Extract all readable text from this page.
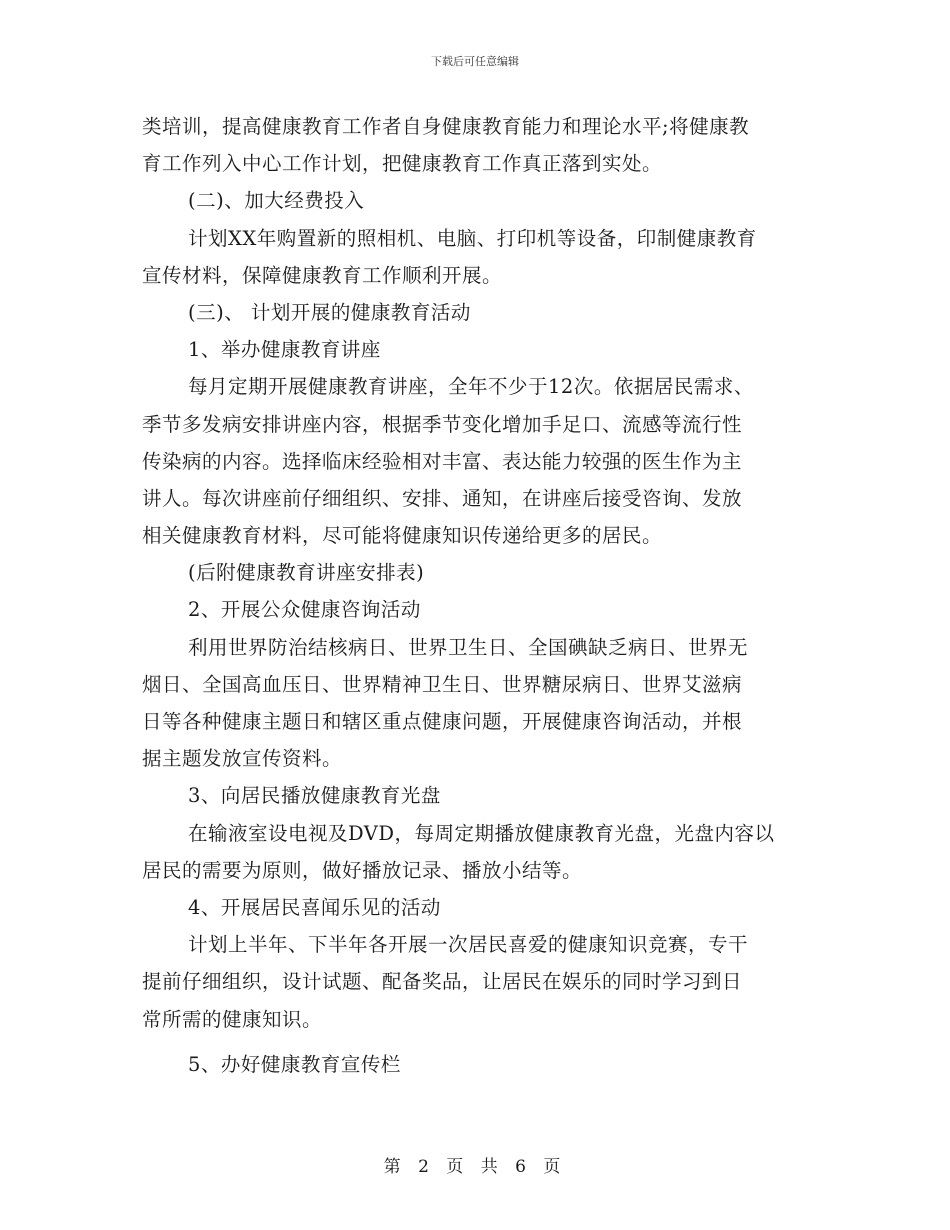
下载后可任意编辑
类培训，提高健康教育工作者自身健康教育能力和理论水平;将健康教
育工作列入中心工作计划，把健康教育工作真正落到实处。
(二)、加大经费投入
计划XX年购置新的照相机、电脑、打印机等设备，印制健康教育
宣传材料，保障健康教育工作顺利开展。
(三)、 计划开展的健康教育活动
1、举办健康教育讲座
每月定期开展健康教育讲座，全年不少于12次。依据居民需求、
季节多发病安排讲座内容，根据季节变化增加手足口、流感等流行性
传染病的内容。选择临床经验相对丰富、表达能力较强的医生作为主
讲人。每次讲座前仔细组织、安排、通知，在讲座后接受咨询、发放
相关健康教育材料，尽可能将健康知识传递给更多的居民。
(后附健康教育讲座安排表)
2、开展公众健康咨询活动
利用世界防治结核病日、世界卫生日、全国碘缺乏病日、世界无
烟日、全国高血压日、世界精神卫生日、世界糖尿病日、世界艾滋病
日等各种健康主题日和辖区重点健康问题，开展健康咨询活动，并根
据主题发放宣传资料。
3、向居民播放健康教育光盘
在输液室设电视及DVD，每周定期播放健康教育光盘，光盘内容以
居民的需要为原则，做好播放记录、播放小结等。
4、开展居民喜闻乐见的活动
计划上半年、下半年各开展一次居民喜爱的健康知识竞赛，专干
提前仔细组织，设计试题、配备奖品，让居民在娱乐的同时学习到日
常所需的健康知识。
5、办好健康教育宣传栏
第 2 页 共 6 页
